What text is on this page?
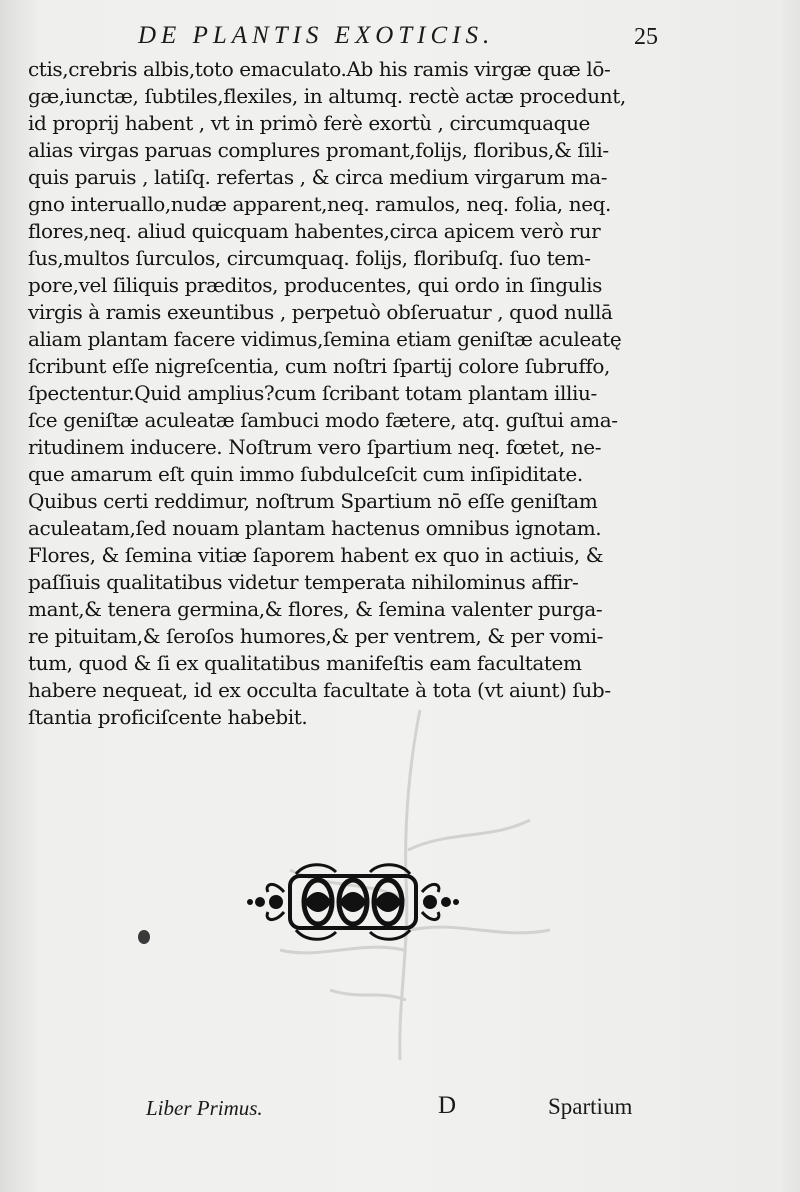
DE PLANTIS EXOTICIS.	25
ctis,crebris albis,toto emaculato.Ab his ramis virgæ quæ lō-
gæ,iunctæ, ſubtiles,flexiles, in altumq. rectè actæ procedunt,
id proprij habent , vt in primò ferè exortù , circumquaque
alias virgas paruas complures promant,folijs, floribus,& ſili-
quis paruis , latiſq. refertas , & circa medium virgarum ma-
gno interuallo,nudæ apparent,neq. ramulos, neq. folia, neq.
flores,neq. aliud quicquam habentes,circa apicem verò rur
ſus,multos ſurculos, circumquaq. folijs, floribuſq. ſuo tem-
pore,vel ſiliquis præditos, producentes, qui ordo in ſingulis
virgis à ramis exeuntibus , perpetuò obſeruatur , quod nullā
aliam plantam facere vidimus,ſemina etiam geniſtæ aculeatę
ſcribunt eſſe nigreſcentia, cum noſtri ſpartij colore ſubruffo,
ſpectentur.Quid amplius?cum ſcribant totam plantam illiu-
ſce geniſtæ aculeatæ ſambuci modo fætere, atq. guſtui ama-
ritudinem inducere. Noſtrum vero ſpartium neq. fœtet, ne-
que amarum eſt quin immo ſubdulceſcit cum inſipiditate.
Quibus certi reddimur, noſtrum Spartium nō eſſe geniſtam
aculeatam,ſed nouam plantam hactenus omnibus ignotam.
Flores, & ſemina vitiæ ſaporem habent ex quo in actiuis, &
paſſiuis qualitatibus videtur temperata nihilominus affir-
mant,& tenera germina,& flores, & ſemina valenter purga-
re pituitam,& ſeroſos humores,& per ventrem, & per vomi-
tum, quod & ſi ex qualitatibus manifeſtis eam facultatem
habere nequeat, id ex occulta facultate à tota (vt aiunt) ſub-
ſtantia proficiſcente habebit.
Liber Primus.	D	Spartium
